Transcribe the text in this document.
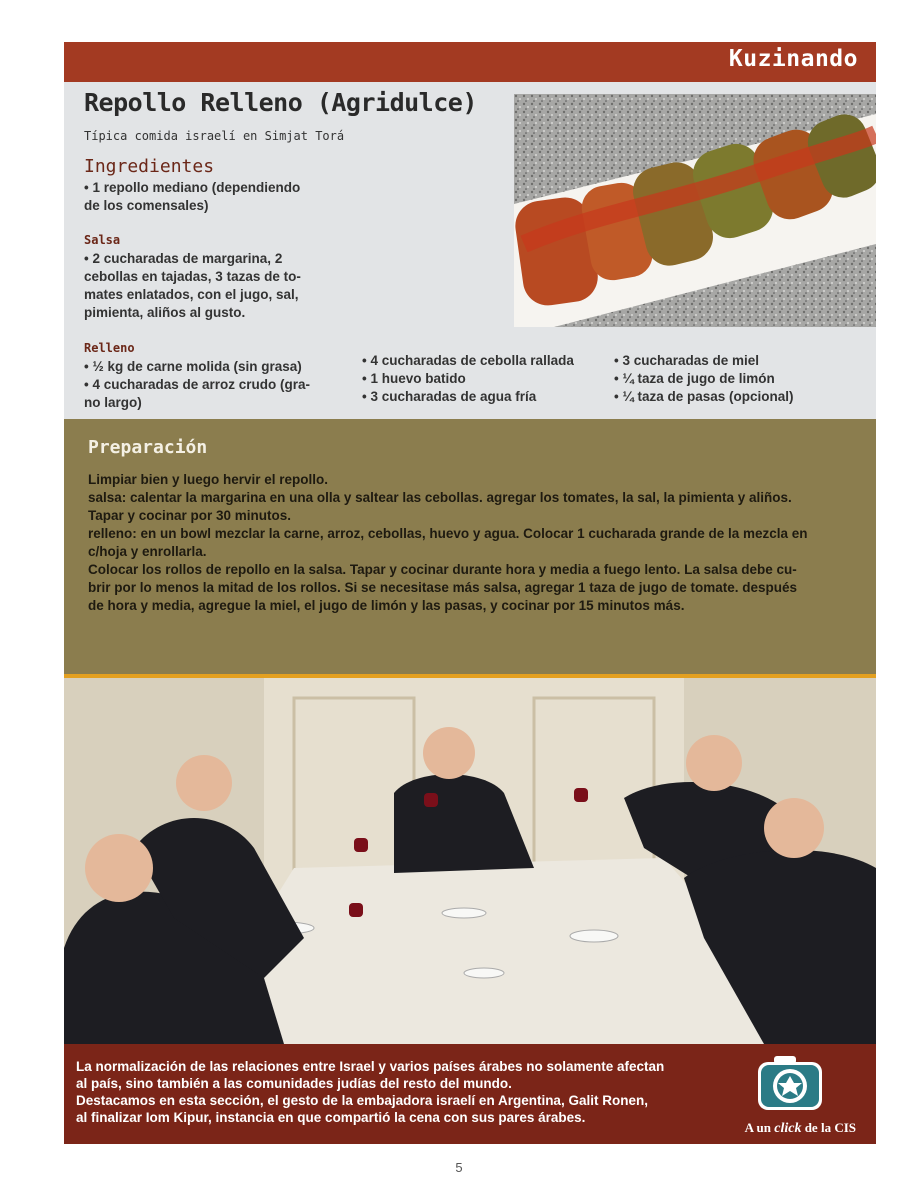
Kuzinando
Repollo Relleno (Agridulce)
Típica comida israelí en Simjat Torá
Ingredientes
• 1 repollo mediano (dependiendo
de los comensales)
Salsa
• 2 cucharadas de margarina, 2
cebollas en tajadas, 3 tazas de to-
mates enlatados, con el jugo, sal,
pimienta, aliños al gusto.
Relleno
• ½ kg de carne molida (sin grasa)
• 4 cucharadas de arroz crudo (gra-
no largo)
• 4 cucharadas de cebolla rallada
• 1 huevo batido
• 3 cucharadas de agua fría
• 3 cucharadas de miel
• ¼ taza de jugo de limón
• ¼ taza de pasas (opcional)
Preparación
Limpiar bien y luego hervir el repollo.
salsa: calentar la margarina en una olla y saltear las cebollas. agregar los tomates, la sal, la pimienta y aliños.
Tapar y cocinar por 30 minutos.
relleno: en un bowl mezclar la carne, arroz, cebollas, huevo y agua. Colocar 1 cucharada grande de la mezcla en
c/hoja y enrollarla.
Colocar los rollos de repollo en la salsa. Tapar y cocinar durante hora y media a fuego lento. La salsa debe cu-
brir por lo menos la mitad de los rollos. Si se necesitase más salsa, agregar 1 taza de jugo de tomate. después
de hora y media, agregue la miel, el jugo de limón y las pasas, y cocinar por 15 minutos más.
La normalización de las relaciones entre Israel y varios países árabes no solamente afectan
al país, sino también a las comunidades judías del resto del mundo.
Destacamos en esta sección, el gesto de la embajadora israelí en Argentina, Galit Ronen,
al finalizar Iom Kipur, instancia en que compartió la cena con sus pares árabes.
A un click de la CIS
5
